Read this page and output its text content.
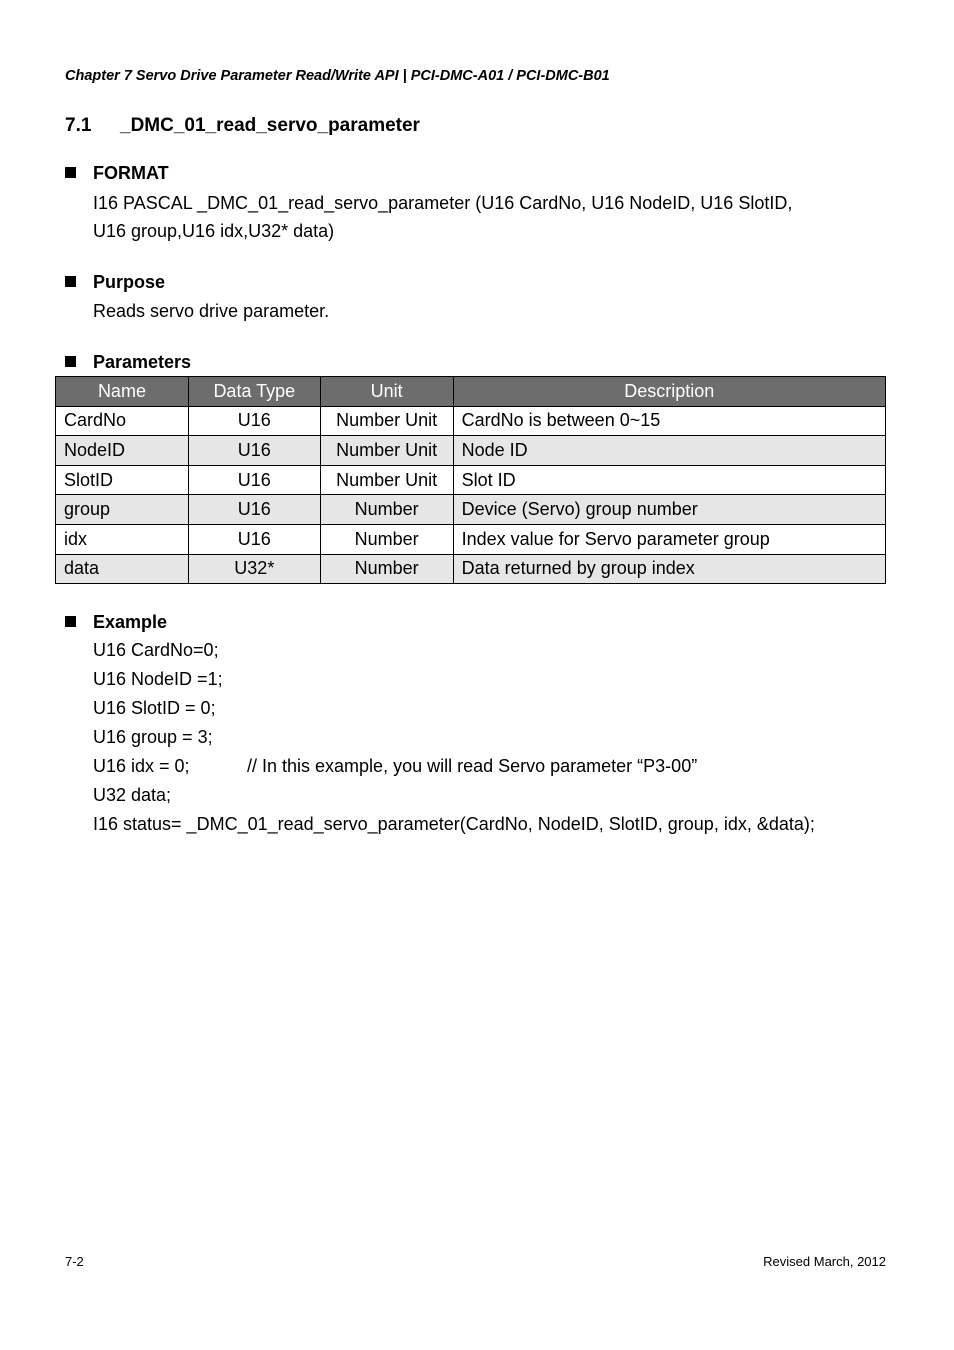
Chapter 7 Servo Drive Parameter Read/Write API | PCI-DMC-A01 / PCI-DMC-B01
7.1 _DMC_01_read_servo_parameter
FORMAT
I16 PASCAL _DMC_01_read_servo_parameter (U16 CardNo, U16 NodeID, U16 SlotID,
U16 group,U16 idx,U32* data)
Purpose
Reads servo drive parameter.
Parameters
Name	Data Type	Unit	Description
CardNo	U16	Number Unit	CardNo is between 0~15
NodeID	U16	Number Unit	Node ID
SlotID	U16	Number Unit	Slot ID
group	U16	Number	Device (Servo) group number
idx	U16	Number	Index value for Servo parameter group
data	U32*	Number	Data returned by group index
Example
U16 CardNo=0;
U16 NodeID =1;
U16 SlotID = 0;
U16 group = 3;
U16 idx = 0;	// In this example, you will read Servo parameter “P3-00”
U32 data;
I16 status= _DMC_01_read_servo_parameter(CardNo, NodeID, SlotID, group, idx, &data);
7-2	Revised March, 2012
